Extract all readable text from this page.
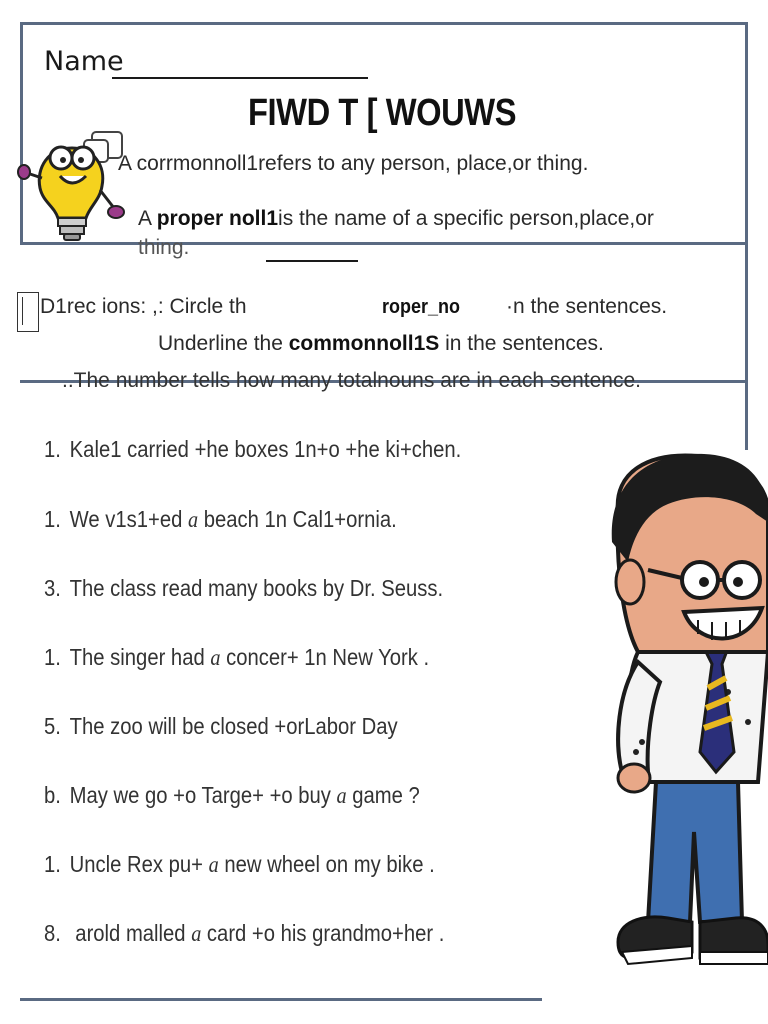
Name
FIWD T [ WOUWS
A corrmonnoll1refers to any person, place,or thing.
A proper noll1is the name of a specific person,place,or
thing.
D1rec ions: ,: Circle th	roper_no ·n the sentences.
Underline the commonnoll1S in the sentences.
..The number tells how many totalnouns are in each sentence.
1. Kale1 carried +he boxes 1n+o +he ki+chen.
1. We v1s1+ed a beach 1n Cal1+ornia.
3. The class read many books by Dr. Seuss.
1. The singer had a concer+ 1n New York .
5. The zoo will be closed +orLabor Day
b. May we go +o Targe+ +o buy a game ?
1. Uncle Rex pu+ a new wheel on my bike .
8. arold malled a card +o his grandmo+her .
